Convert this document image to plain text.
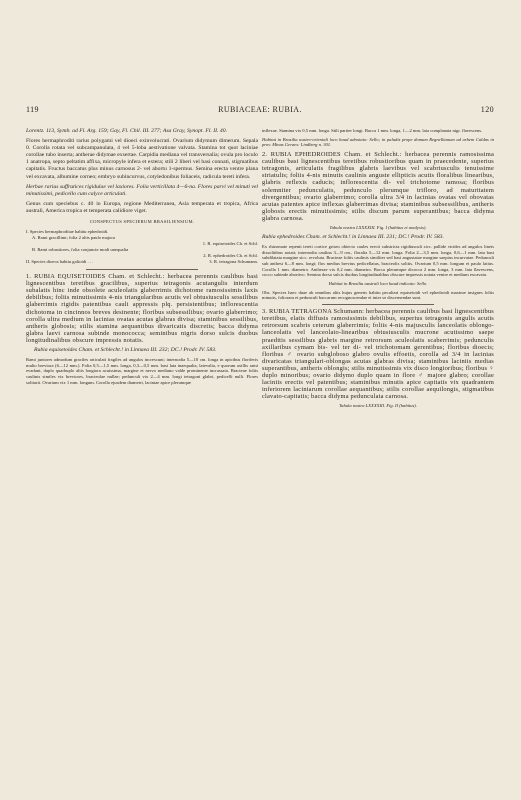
119	RUBIACEAE: RUBIA.	120

Lorentz. 113, Symb. ad Fl. Arg. 159; Gay, Fl. Chil. III. 277; Asa Gray, Synopt. Fl. II. 40.

Flores hermaphroditi rarius polygami vel dioeci exinvolucrati. Ovarium didymum dimerum. Sepala 0. Corolla rotata vel subcampanulata, 4 vel 5-loba aestivatione valvata. Stamina tot quot laciniae corollae tubo inserta; antherae didymae exsertae. Carpidia mediana vel transversalia; ovula pro loculo 1 anatropa, septo peltatim affixa, micropyle infera et extera; stili 2 liberi vel basi connati, stigmatibus capitatis. Fructus baccatus plus minus carnosus 2- vel abortu 1-spermus. Semina erecta ventre plana vel excavata, albumine corneo; embryo subincurvus, cotyledonibus foliaceis, radicula tereti infera.

Herbae rarius suffrutices rigidulae vel laxiores. Folia verticillata 4—6-na. Flores parvi vel minuti vel minutissimi, pedicello cum calyce articulati.

Genus cum speciebus c. 40 in Europa, regione Mediterranea, Asia temperata et tropica, Africa australi, America tropica et temperata calidiore viget.

CONSPECTUS SPECIERUM BRASILIENSIUM.
I. Species hermaphroditae habitu ephedroidi.
A. Rami gracillimi; folia 2 altis paulo majora
1. R. equisetoides Ch. et Schl.
B. Rami robustiores, folia conjuncte modi unequalia
2. R. ephedroides Ch. et Schl.
II. Species dioeca habitu galioidi . . .	3. R. tetragona Schumann.

1. RUBIA EQUISETOIDES Cham. et Schlecht.: herbacea perennis caulibus basi lignescentibus teretibus gracilibus, superius tetragonis acutangulis interdum subalatis hinc inde obsolete aculeolatis glaberrimis dichotome ramosissimis laxis debilibus; foliis minutissimis 4-nis triangularibus acutis vel obtusiusculis sessilibus glaberrimis rigidis patentibus cauli appressis plq. persistentibus; inflorescentia dichotoma in cincinnos breves desinente; floribus subsessilibus; ovario glaberrimo; corolla ultra medium in lacinias ovatas acutas glabras divisa; staminibus sessilibus, antheris globosis; stilis stamina aequantibus divaricatis discretis; bacca didyma glabra laevi carnosa subinde monococca; seminibus nigris dorso sulcis duobus longitudinalibus obscure impressis notatis.

Rubia equisetoides Cham. et Schlecht.! in Linnaea III. 232; DC.! Prodr. IV. 583.

Rami juniores admodum graciles articulati fragiles ad angulos increscunt; internodia 5—10 cm. longa in apicibus floriferis multo breviora (6—12 mm.). Folia 0,5—1,5 mm. longa, 0,3—0,5 mm. basi lata inaequalia, latevalia, e quorum axillis rami evadunt, duplo quadruplo aliis longiora acuissima, margine et nervo mediano valde prominente incrassata. Bracteae foliis caulinis similes vix breviores, bracteolae nullae; pedunculi vix 2—4 mm. longi tetragoni glabri, pedicelli nulli. Flores solitarii. Ovarium vix 1 mm. longum. Corolla ejusdem diametri, laciniae apice plerumque

inflexae. Stamina vix 0,5 mm. longa. Stili pariter longi. Bacca 1 mm. longa, 1—2 mm. lata complanata nigr. flavescens.

Habitat in Brasilia austro-orientali loco haud adnotato: Sello; in paludis prope domum Regnellianum ad urbem Caldas in prov. Minas Geraes: Lindberg n. 301.

2. RUBIA EPHEDROIDES Cham. et Schlecht.: herbacea perennis ramosissima caulibus basi lignescentibus teretibus robustioribus quam in praecedente, superius tetragonis, articulatis fragilibus glabris laevibus vel scabriusculis tenuissime striatulis; foliis 4-nis minutis caulinis anguste ellipticis acutis floralibus linearibus, glabris reflexis caducis; inflorescentia di- vel trichotome ramosa; floribus solemniter pedunculatis, pedunculo plerumque trifloro, ad maturitatem divergentibus; ovario glaberrimo; corolla ultra 3/4 in lacinias ovatas vel obovatas acutas patentes apice inflexas glaberrimas divisa; staminibus subsessilibus, antheris globosis erectis minutissimis; stilis discum parum superantibus; bacca didyma glabra carnosa.

Tabula nostra LXXXXIII. Fig. I (habitus et analysis).

Rubia ephedroides Cham. et Schlecht.! in Linnaea III. 231; DC.! Prodr. IV. 583.

Ex rhizomate repenti tereti cortice griseo obtecto caules erecti substricta rigidiusculi sicc. pallide virides ad angulos lineis dissolitibus notati; internodia caulina 3—9 cm., floralia 5—12 mm. longa. Folia 2—3,5 mm. longa, 0,6—1 mm. lata basi subdilatata margine sicc. revoluta. Bracteae foliis caulinis similiter sed basi angustatae margine saepius incurvatae. Pedunculi sub anthesi 6—8 mm. longi; flos medius brevius pedicellatus, bracteolis solitis. Ovarium 0,5 mm. longum et paulo latius. Corolla 1 mm. diametro. Antherae vix 0,2 mm. diametro. Bacca plerumque dicocca 2 mm. longa, 3 mm. lata flavescens, cocco subinde abortivo. Semina dorso sulcis duobus longitudinalibus obscure impressis notata ventre et medium excavata.

Habitat in Brasilia australi loco haud indicato: Sello.

Obs. Species haec duae ab omnibus aliis hujus generis habitu peculiari equisetoidi vel ephedroidi maxime insignes foliis minutis, folioram et pedunculi baccarum recognoscendae et inter se discernendae sunt.

3. RUBIA TETRAGONA Schumann: herbacea perennis caulibus basi lignescentibus teretibus, elatis diffusis ramosissimis debilibus, superius tetragonis angulis acutis retrorsum scabris ceterum glaberrimis; foliis 4-nis majusculis lanceolatis oblongo-lanceolatis vel lanceolato-linearibus obtusiusculis mucrone acutissimo saepe praeditis sessilibus glabris margine retrorsum aculeolatis scaberrimis; pedunculis axillaribus cymam bis- vel ter di- vel trichotomam gerentibus; floribus dioecis; floribus ♂ ovario subgloboso glabro ovulis effoetis, corolla ad 3/4 in lacinias divaricatas triangulari-oblongas acutas glabras divisa; staminibus laciniis medias superantibus, antheris oblongis; stilis minutissimis vix disco longioribus; floribus ♀ duplo minoribus; ovario didymo duplo quam in flore ♂ majore glabro; corollae laciniis erectis vel patentibus; staminibus minutis apice capitatis vix quadrantem inferiorem laciniarum corollae aequantibus; stilis corollae aequilongis, stigmatibus clavato-capitatis; bacca didyma pedunculata carnosa.

Tabula nostra LXXXXIII. Fig. II (habitus).
